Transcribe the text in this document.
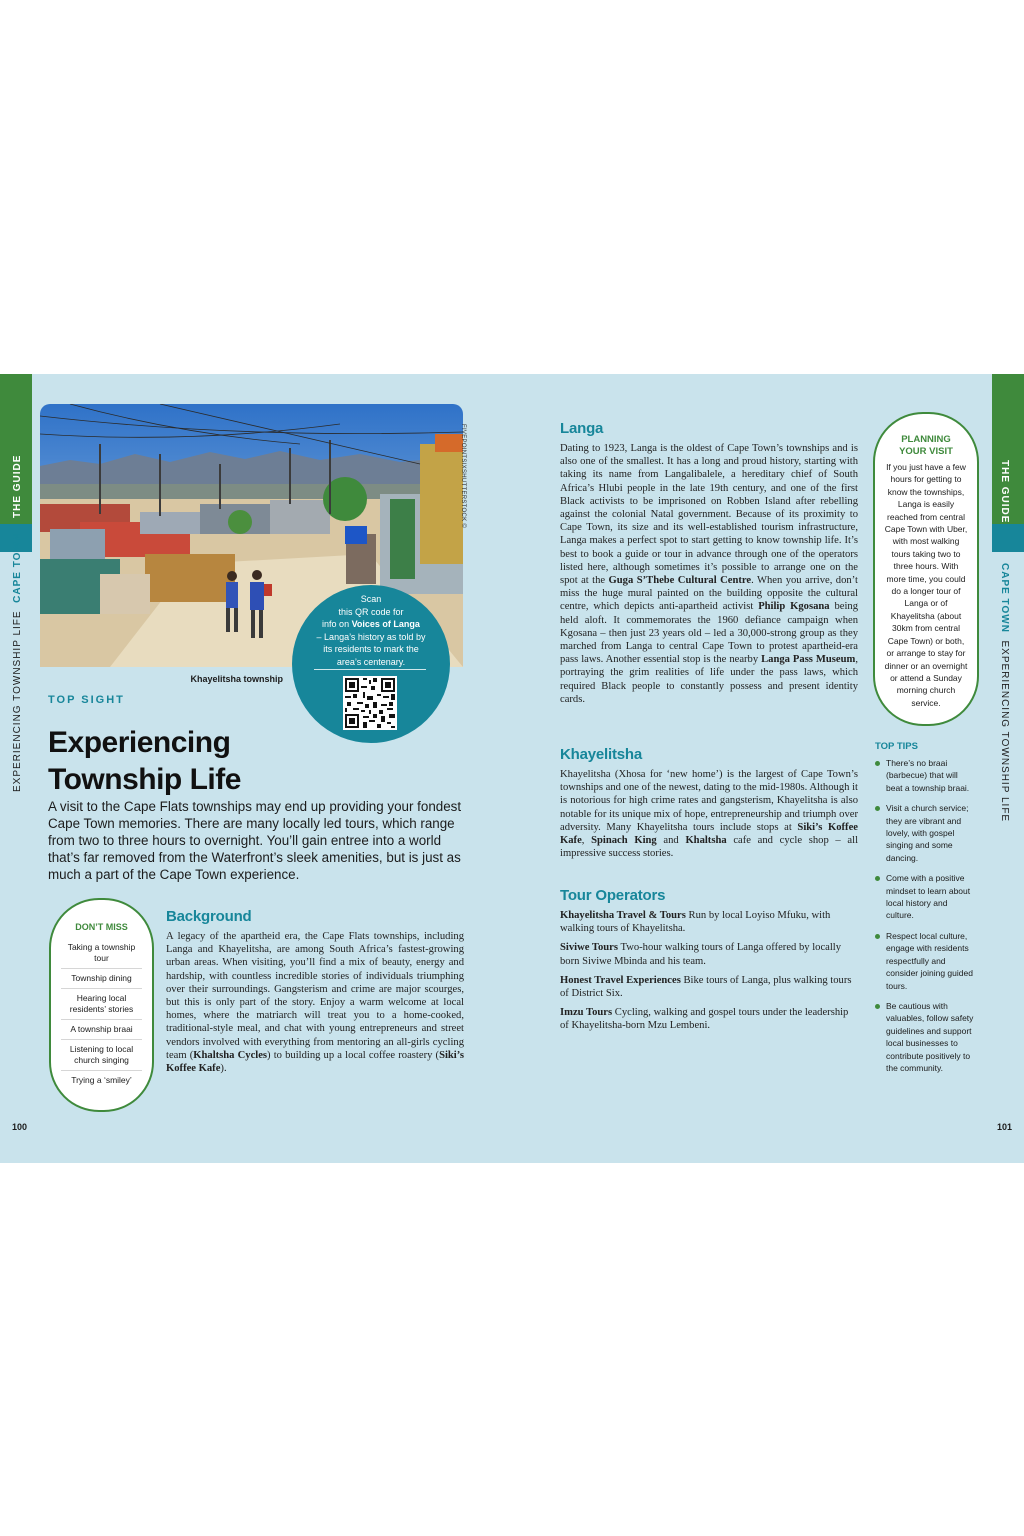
THE GUIDE
EXPERIENCING TOWNSHIP LIFE  CAPE TOWN
THE GUIDE
CAPE TOWN  EXPERIENCING TOWNSHIP LIFE
FIVEPOINTSIXSHUTTERSTOCK ©
Khayelitsha township
Scan
this QR code for
info on Voices of Langa
– Langa’s history as told by
its residents to mark the
area’s centenary.
TOP SIGHT
Experiencing
Township Life
A visit to the Cape Flats townships may end up providing your fondest Cape Town memories. There are many locally led tours, which range from two to three hours to overnight. You’ll gain entree into a world that’s far removed from the Waterfront’s sleek amenities, but is just as much a part of the Cape Town experience.
DON’T MISS
Taking a township tour
Township dining
Hearing local residents’ stories
A township braai
Listening to local church singing
Trying a ‘smiley’
Background

A legacy of the apartheid era, the Cape Flats townships, including Langa and Khayelitsha, are among South Africa’s fastest-growing urban areas. When visiting, you’ll find a mix of beauty, energy and hardship, with countless incredible stories of individuals triumphing over their surroundings. Gangsterism and crime are major scourges, but this is only part of the story. Enjoy a warm welcome at local homes, where the matriarch will treat you to a home-cooked, traditional-style meal, and chat with young entrepreneurs and street vendors involved with everything from mentoring an all-girls cycling team (Khaltsha Cycles) to building up a local coffee roastery (Siki’s Koffee Kafe).

Langa

Dating to 1923, Langa is the oldest of Cape Town’s townships and is also one of the smallest. It has a long and proud history, starting with taking its name from Langalibalele, a hereditary chief of South Africa’s Hlubi people in the late 19th century, and one of the first Black activists to be imprisoned on Robben Island after rebelling against the colonial Natal government. Because of its proximity to Cape Town, its size and its well-established tourism infrastructure, Langa makes a perfect spot to start getting to know township life. It’s best to book a guide or tour in advance through one of the operators listed here, although sometimes it’s possible to arrange one on the spot at the Guga S’Thebe Cultural Centre. When you arrive, don’t miss the huge mural painted on the building opposite the cultural centre, which depicts anti-apartheid activist Philip Kgosana being held aloft. It commemorates the 1960 defiance campaign when Kgosana – then just 23 years old – led a 30,000-strong group as they marched from Langa to central Cape Town to protest apartheid-era pass laws. Another essential stop is the nearby Langa Pass Museum, portraying the grim realities of life under the pass laws, which required Black people to constantly possess and present identity cards.

Khayelitsha

Khayelitsha (Xhosa for ‘new home’) is the largest of Cape Town’s townships and one of the newest, dating to the mid-1980s. Although it is notorious for high crime rates and gangsterism, Khayelitsha is also notable for its unique mix of hope, entrepreneurship and triumph over adversity. Many Khayelitsha tours include stops at Siki’s Koffee Kafe, Spinach King and Khaltsha cafe and cycle shop – all impressive success stories.

Tour Operators

Khayelitsha Travel & Tours Run by local Loyiso Mfuku, with walking tours of Khayelitsha.

Siviwe Tours Two-hour walking tours of Langa offered by locally born Siviwe Mbinda and his team.

Honest Travel Experiences Bike tours of Langa, plus walking tours of District Six.

Imzu Tours Cycling, walking and gospel tours under the leadership of Khayelitsha-born Mzu Lembeni.

PLANNING
YOUR VISIT
If you just have a few hours for getting to know the townships, Langa is easily reached from central Cape Town with Uber, with most walking tours taking two to three hours. With more time, you could do a longer tour of Langa or of Khayelitsha (about 30km from central Cape Town) or both, or arrange to stay for dinner or an overnight or attend a Sunday morning church service.
TOP TIPS
There’s no braai (barbecue) that will beat a township braai.
Visit a church service; they are vibrant and lovely, with gospel singing and some dancing.
Come with a positive mindset to learn about local history and culture.
Respect local culture, engage with residents respectfully and consider joining guided tours.
Be cautious with valuables, follow safety guidelines and support local businesses to contribute positively to the community.
100	101
